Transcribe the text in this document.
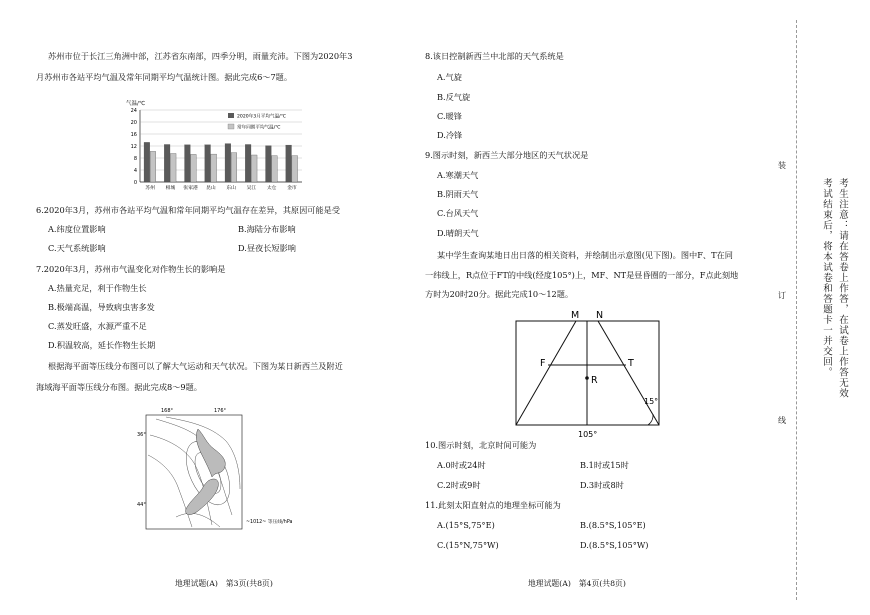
苏州市位于长江三角洲中部，江苏省东南部，四季分明，雨量充沛。下图为2020年3
月苏州市各站平均气温及常年同期平均气温统计图。据此完成6～7题。
气温/℃
0
4
8
12
16
20
24
苏州 相城 张家港 昆山 东山 吴江 太仓 金市
2020年3月平均气温/℃
常年同期平均气温/℃
6.2020年3月，苏州市各站平均气温和常年同期平均气温存在差异，其原因可能是受
A.纬度位置影响	B.海陆分布影响
C.天气系统影响	D.昼夜长短影响
7.2020年3月，苏州市气温变化对作物生长的影响是
A.热量充足，利于作物生长
B.极端高温，导致病虫害多发
C.蒸发旺盛，水源严重不足
D.积温较高，延长作物生长期
根据海平面等压线分布图可以了解大气运动和天气状况。下图为某日新西兰及附近
海域海平面等压线分布图。据此完成8～9题。
168°	176°
36°
44°
~1012~ 等压线/hPa
地理试题(A)　第3页(共8页)
8.该日控制新西兰中北部的天气系统是
A.气旋
B.反气旋
C.暖锋
D.冷锋
9.图示时刻，新西兰大部分地区的天气状况是
A.寒潮天气
B.阴雨天气
C.台风天气
D.晴朗天气
某中学生查询某地日出日落的相关资料，并绘制出示意图(见下图)。图中F、T在同
一纬线上，R点位于FT的中线(经度105°)上，MF、NT是昼昏圈的一部分，F点此刻地
方时为20时20分。据此完成10～12题。
M N
F	T
R
15°
105°
10.图示时刻，北京时间可能为
A.0时或24时	B.1时或15时
C.2时或9时	D.3时或8时
11.此刻太阳直射点的地理坐标可能为
A.(15°S,75°E)	B.(8.5°S,105°E)
C.(15°N,75°W)	D.(8.5°S,105°W)
地理试题(A)　第4页(共8页)
装
订
线
考生注意：请在答卷上作答，在试卷上作答无效
考试结束后，将本试卷和答题卡一并交回。
